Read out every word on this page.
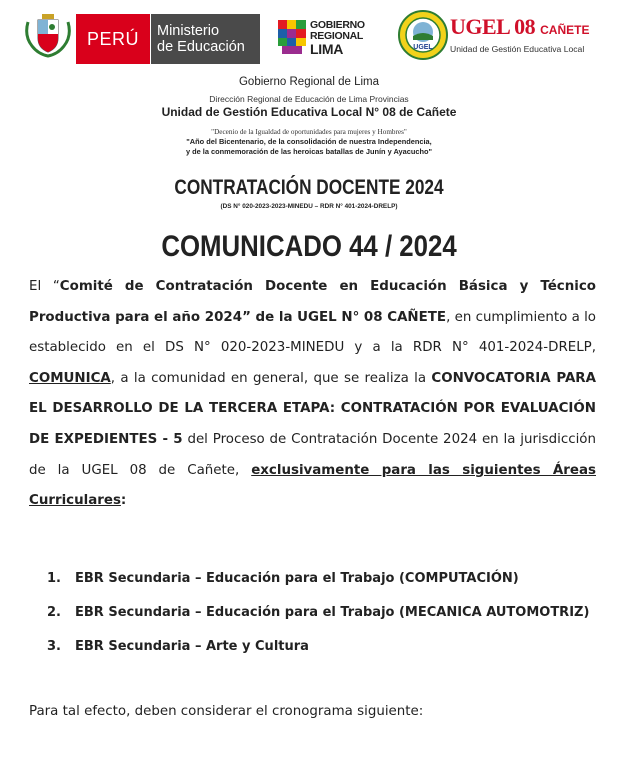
PERÚ	Ministerio
de Educación
GOBIERNO
REGIONAL
LIMA	UGEL
UGEL 08 CAÑETE
Unidad de Gestión Educativa Local
Gobierno Regional de Lima
Dirección Regional de Educación de Lima Provincias
Unidad de Gestión Educativa Local N° 08 de Cañete
"Decenio de la Igualdad de oportunidades para mujeres y Hombres"
"Año del Bicentenario, de la consolidación de nuestra Independencia,
y de la conmemoración de las heroicas batallas de Junín y Ayacucho"
CONTRATACIÓN DOCENTE 2024
(DS N° 020-2023-2023-MINEDU – RDR N° 401-2024-DRELP)
COMUNICADO 44 / 2024
El “Comité de Contratación Docente en Educación Básica y Técnico Productiva para el año 2024” de la UGEL N° 08 CAÑETE, en cumplimiento a lo establecido en el DS N° 020-2023-MINEDU y a la RDR N° 401-2024-DRELP, COMUNICA, a la comunidad en general, que se realiza la CONVOCATORIA PARA EL DESARROLLO DE LA TERCERA ETAPA: CONTRATACIÓN POR EVALUACIÓN DE EXPEDIENTES - 5 del Proceso de Contratación Docente 2024 en la jurisdicción de la UGEL 08 de Cañete, exclusivamente para las siguientes Áreas Curriculares:
1. EBR Secundaria – Educación para el Trabajo (COMPUTACIÓN)
2. EBR Secundaria – Educación para el Trabajo (MECANICA AUTOMOTRIZ)
3. EBR Secundaria – Arte y Cultura
Para tal efecto, deben considerar el cronograma siguiente:
